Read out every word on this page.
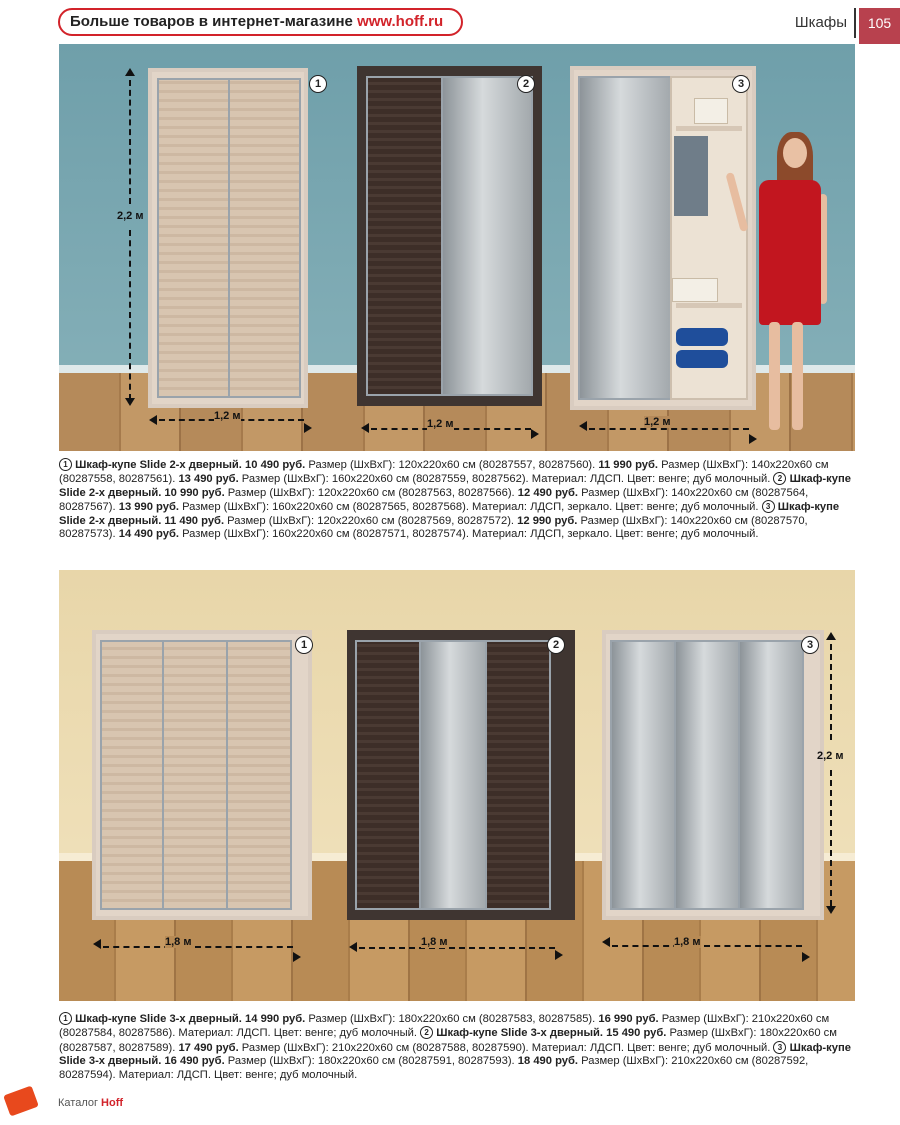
Больше товаров в интернет-магазине www.hoff.ru	Шкафы	105
1	2	3
2,2 м
1,2 м
1,2 м	1,2 м
1 Шкаф-купе Slide 2-х дверный. 10 490 руб. Размер (ШхВхГ): 120х220х60 см (80287557, 80287560). 11 990 руб. Размер (ШхВхГ): 140х220х60 см (80287558, 80287561). 13 490 руб. Размер (ШхВхГ): 160х220х60 см (80287559, 80287562). Материал: ЛДСП. Цвет: венге; дуб молочный. 2 Шкаф-купе Slide 2-х дверный. 10 990 руб. Размер (ШхВхГ): 120х220х60 см (80287563, 80287566). 12 490 руб. Размер (ШхВхГ): 140х220х60 см (80287564, 80287567). 13 990 руб. Размер (ШхВхГ): 160х220х60 см (80287565, 80287568). Материал: ЛДСП, зеркало. Цвет: венге; дуб молочный. 3 Шкаф-купе Slide 2-х дверный. 11 490 руб. Размер (ШхВхГ): 120х220х60 см (80287569, 80287572). 12 990 руб. Размер (ШхВхГ): 140х220х60 см (80287570, 80287573). 14 490 руб. Размер (ШхВхГ): 160х220х60 см (80287571, 80287574). Материал: ЛДСП, зеркало. Цвет: венге; дуб молочный.
1	2	3
2,2 м
1,8 м	1,8 м	1,8 м
1 Шкаф-купе Slide 3-х дверный. 14 990 руб. Размер (ШхВхГ): 180х220х60 см (80287583, 80287585). 16 990 руб. Размер (ШхВхГ): 210х220х60 см (80287584, 80287586). Материал: ЛДСП. Цвет: венге; дуб молочный. 2 Шкаф-купе Slide 3-х дверный. 15 490 руб. Размер (ШхВхГ): 180х220х60 см (80287587, 80287589). 17 490 руб. Размер (ШхВхГ): 210х220х60 см (80287588, 80287590). Материал: ЛДСП. Цвет: венге; дуб молочный. 3 Шкаф-купе Slide 3-х дверный. 16 490 руб. Размер (ШхВхГ): 180х220х60 см (80287591, 80287593). 18 490 руб. Размер (ШхВхГ): 210х220х60 см (80287592, 80287594). Материал: ЛДСП. Цвет: венге; дуб молочный.
Каталог Hoff
